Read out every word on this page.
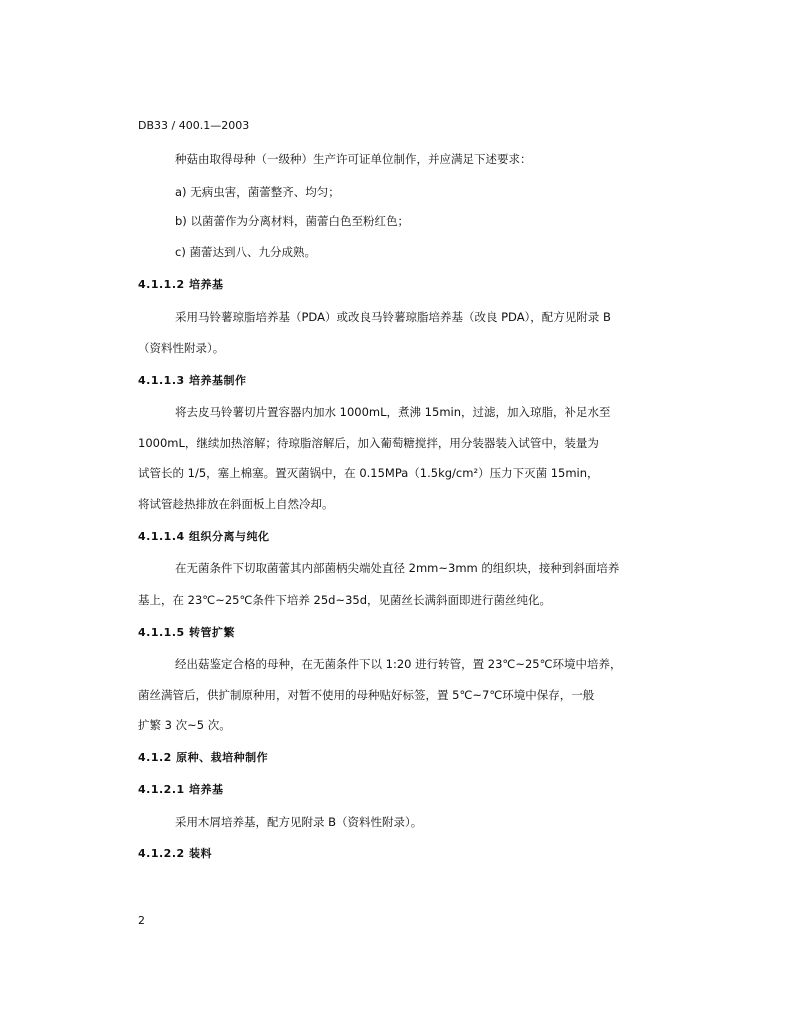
DB33 / 400.1—2003
种菇由取得母种（一级种）生产许可证单位制作，并应满足下述要求：
a) 无病虫害，菌蕾整齐、均匀；
b) 以菌蕾作为分离材料，菌蕾白色至粉红色；
c) 菌蕾达到八、九分成熟。
4.1.1.2 培养基
采用马铃薯琼脂培养基（PDA）或改良马铃薯琼脂培养基（改良 PDA），配方见附录 B
（资料性附录）。
4.1.1.3 培养基制作
将去皮马铃薯切片置容器内加水 1000mL，煮沸 15min，过滤，加入琼脂，补足水至
1000mL，继续加热溶解；待琼脂溶解后，加入葡萄糖搅拌，用分装器装入试管中，装量为
试管长的 1/5，塞上棉塞。置灭菌锅中，在 0.15MPa（1.5kg/cm²）压力下灭菌 15min，
将试管趁热排放在斜面板上自然冷却。
4.1.1.4 组织分离与纯化
在无菌条件下切取菌蕾其内部菌柄尖端处直径 2mm~3mm 的组织块，接种到斜面培养
基上，在 23℃~25℃条件下培养 25d~35d，见菌丝长满斜面即进行菌丝纯化。
4.1.1.5 转管扩繁
经出菇鉴定合格的母种，在无菌条件下以 1:20 进行转管，置 23℃~25℃环境中培养，
菌丝满管后，供扩制原种用，对暂不使用的母种贴好标签，置 5℃~7℃环境中保存，一般
扩繁 3 次~5 次。
4.1.2 原种、栽培种制作
4.1.2.1 培养基
采用木屑培养基，配方见附录 B（资料性附录）。
4.1.2.2 装料
2
